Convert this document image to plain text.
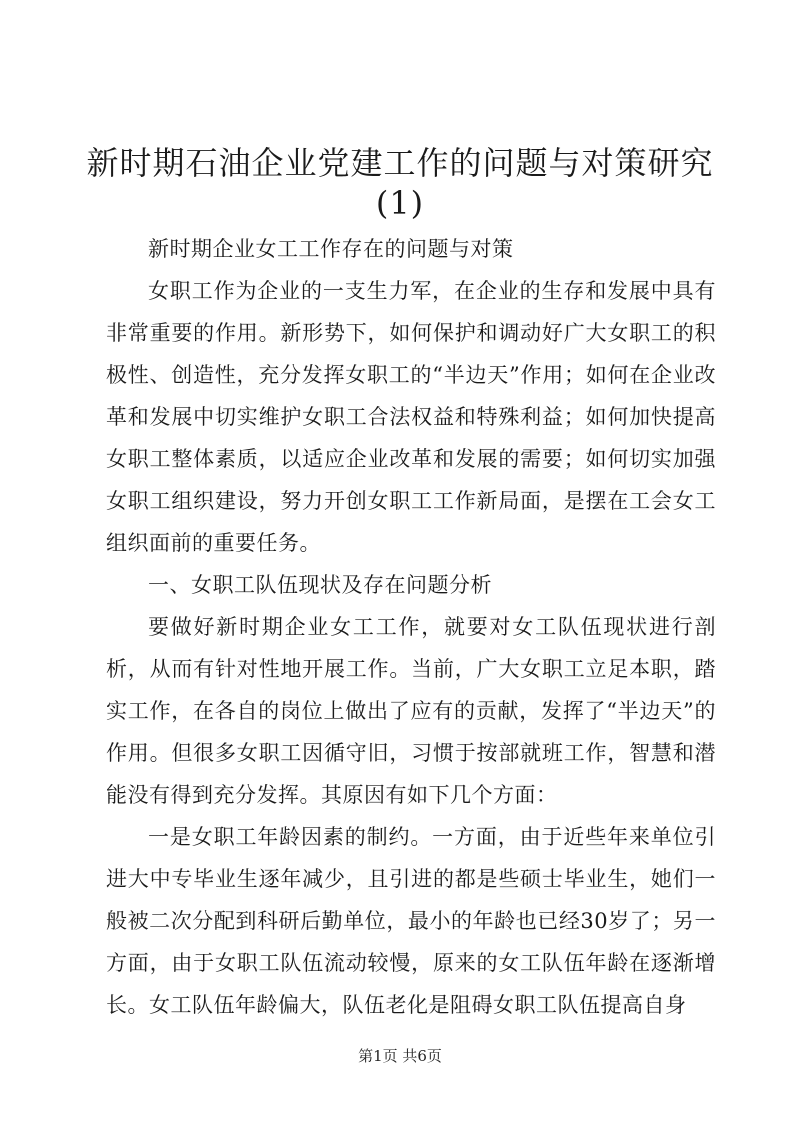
新时期石油企业党建工作的问题与对策研究
(1)

新时期企业女工工作存在的问题与对策

女职工作为企业的一支生力军，在企业的生存和发展中具有非常重要的作用。新形势下，如何保护和调动好广大女职工的积极性、创造性，充分发挥女职工的“半边天”作用；如何在企业改革和发展中切实维护女职工合法权益和特殊利益；如何加快提高女职工整体素质，以适应企业改革和发展的需要；如何切实加强女职工组织建设，努力开创女职工工作新局面，是摆在工会女工组织面前的重要任务。

一、女职工队伍现状及存在问题分析

要做好新时期企业女工工作，就要对女工队伍现状进行剖析，从而有针对性地开展工作。当前，广大女职工立足本职，踏实工作，在各自的岗位上做出了应有的贡献，发挥了“半边天”的作用。但很多女职工因循守旧，习惯于按部就班工作，智慧和潜能没有得到充分发挥。其原因有如下几个方面：

一是女职工年龄因素的制约。一方面，由于近些年来单位引进大中专毕业生逐年减少，且引进的都是些硕士毕业生，她们一般被二次分配到科研后勤单位，最小的年龄也已经30岁了；另一方面，由于女职工队伍流动较慢，原来的女工队伍年龄在逐渐增长。女工队伍年龄偏大，队伍老化是阻碍女职工队伍提高自身

第1页 共6页
